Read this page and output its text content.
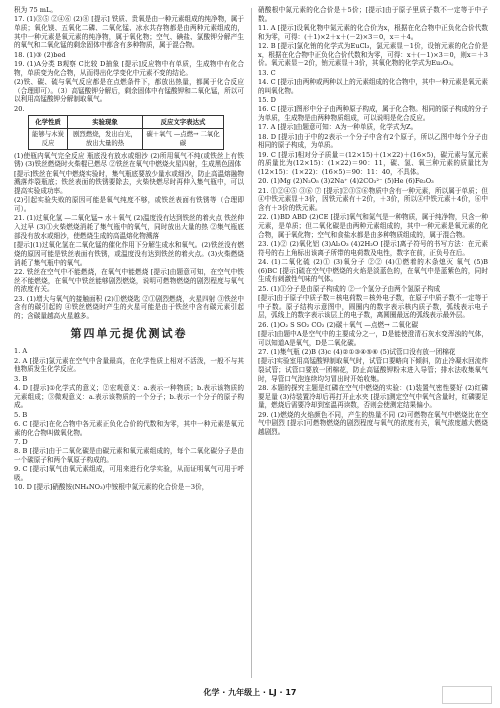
积为 75 mL。

17. (1)③⑤ ②④⑥ (2)⑧ [提示] 铁质、贵氧是由一种元素组成的纯净物，属于单质；氧化镁、五氧化二磷、二氧化锰、冰水共存物都是由两种元素组成的，其中一种元素是氧元素的纯净物，属于氧化物；空气、碘盐、氯酸钾分解产生的氧气和二氧化锰的剩余固体中都含有多种物质，属于混合物。

18. (1)③ (2)bed

19. (1)A分类 B观察 C比较 D抽象 [提示]反应物中有单质，生成物中有化合物，单质变为化合物，从而得出化学变化中元素不变的结论。

(2)铁、碳、硫与氧气反应都是在点燃条件下，都放出热量，都属于化合反应（合理即可）。（3）高锰酸钾分解后，剩余固体中有锰酸钾和二氧化锰，所以可以利用高锰酸钾分解制取氧气。

20.
化学性质	实验现象	反应文字表达式
能够与木炭反应	剧烈燃烧，发出白光，放出大量的热	碳＋氧气 —点燃→ 二氧化碳

(1)使瓶内氧气完全反应 瓶底没有放水或细沙 (2)所用氧气不纯(或铁丝上有铁锈) (3)铁丝燃烧时火柴棍已燃尽 ②铁丝在氧气中燃烧火星四射，生成黑色固体

[提示]铁丝在氧气中燃烧实验时，集气瓶底要放少量水或细沙，防止高温熔融物溅落炸裂瓶底；铁丝表面的铁锈要除去，火柴快燃尽时再伸入集气瓶中，可以提高实验成功率。

(2)引起实验失败的原因可能是氧气纯度不够，或铁丝表面有铁锈等（合理即可）。

21. (1)过氧化氢 —二氧化锰→ 水＋氧气 (2)温度没有达到铁丝的着火点 铁丝伸入过早 (3)①火柴燃烧消耗了集气瓶中的氧气，同时放出大量的热 ②集气瓶底部没有放水或细沙，使燃烧生成的高温熔化物溅落

[提示](1)过氧化氢在二氧化锰的催化作用下分解生成水和氧气。(2)铁丝没有燃烧的原因可能是铁丝表面有铁锈，或温度没有达到铁丝的着火点。(3)火柴燃烧消耗了集气瓶中的氧气。

22. 铁丝在空气中不能燃烧，在氧气中能燃烧 [提示]由题意可知，在空气中铁丝不能燃烧，在氧气中铁丝能够剧烈燃烧，说明可燃物燃烧的剧烈程度与氧气的浓度有关。

23. (1)增大与氧气的接触面积 (2)①燃烧匙 ②①剧烈燃烧，火星四射 ③铁丝中含有的碳引起的 ④铁丝燃烧时产生的火星可能是由于铁丝中含有碳元素引起的；含碳量越高火星越多。

第四单元提优测试卷

1. A

2. A [提示]氯元素在空气中含量最高，在化学性质上相对不活泼，一般不与其他物质发生化学反应。

3. B

4. D [提示]①化学式的意义；②宏观意义：a.表示一种物质；b.表示该物质的元素组成；③微观意义：a.表示该物质的一个分子；b.表示一个分子的原子构成。

5. B

6. C [提示]在化合物中各元素正负化合价的代数和为零，其中一种元素是氧元素的化合物叫做氧化物。

7. D

8. B [提示]由于二氧化碳是由碳元素和氧元素组成的，每个二氧化碳分子是由一个碳原子和两个氧原子构成的。

9. C [提示]氧气由氧元素组成，可用来进行化学实验，从而证明氧气可用于呼吸。

10. D [提示]硝酸铵(NH₄NO₃)中铵根中氮元素的化合价是－3价，

硝酸根中氮元素的化合价是＋5价；[提示]由于原子里质子数不一定等于中子数。

11. A [提示]设氧化物中氮元素的化合价为x，根据在化合物中正负化合价代数和为零，可得：(＋1)×2＋x＋(－2)×3＝0，x＝＋4。

12. B [提示]氯化铕的化学式为EuCl₃，氯元素显－1价，设铕元素的化合价是x，根据在化合物中正负化合价代数和为零，可得：x＋(－1)×3＝0，则x＝＋3价。氧元素显－2价，铕元素显＋3价，其氧化物的化学式为Eu₂O₃。

13. C

14. C [提示]由两种或两种以上的元素组成的化合物中，其中一种元素是氧元素的叫氧化物。

15. D

16. C [提示]图形中分子由两种原子构成，属于化合物。相同的原子构成的分子为单质，生成物是由两种物质组成，可以说明是化合反应。

17. A [提示]由题意可知：A为一种单质，化学式为Z。

18. D [提示]由于中的2表示一个分子中含有2个原子，所以乙图中每个分子由相同的原子构成，为单质。

19. C [提示]相对分子质量＝(12×15)＋(1×22)＋(16×5)，碳元素与氢元素的质量比为(12×15)：(1×22)＝90：11，碳、氢、氧三种元素的质量比为(12×15)：(1×22)：(16×5)＝90：11：40，不具体。

20. (1)Mg (2)N₂O₅ (3)2Na⁺ (4)2CO₃²⁻ (5)He (6)Fe₂O₃

21. ①②④⑤ ③⑥ ⑦ [提示]②③⑤⑥物质中含有一种元素，所以属于单质；但④中铁元素显＋3价，因铁元素有＋2价，＋3价，所以④中铁元素＋4价，⑥中含有＋3价的铁元素。

22. (1)BD ABD (2)CE [提示]氧气和氮气是一种物质，属于纯净物，只含一种元素，是单质；但二氧化碳是由两种元素组成的，其中一种元素是氧元素的化合物，属于氧化物；空气和食盐水都是由多种物质组成的，属于混合物。

23. (1)② (2)氧化铝 (3)Al₂O₃ (4)2H₂O [提示]离子符号的书写方法：在元素符号的右上角标出该离子所带的电荷数及电性，数字在前，正负号在后。

24. (1)二氧化硫 (2)① (3)氧分子 ②② (4)①燃着的木条熄灭 氧气 (5)B (6)BC [提示]硫在空气中燃烧的火焰是淡蓝色的，在氧气中是蓝紫色的，同时生成有刺激性气味的气体。

25. (1)①分子是由原子构成的 ②一个氢分子由两个氢原子构成

[提示]由于原子中质子数＝核电荷数＝核外电子数，在原子中质子数不一定等于中子数。原子结构示意图中，圆圈内的数字表示核内质子数，弧线表示电子层，弧线上的数字表示该层上的电子数，离圆圈最远的弧线表示最外层。

26. (1)O₂ S SO₂ CO₂ (2)碳＋氧气 —点燃→ 二氧化碳

[提示]由题中A是空气中的主要成分之一，D是能使澄清石灰水变浑浊的气体，可以知道A是氧气，D是二氧化碳。

27. (1)集气瓶 (2)B (3)c (4)②①③④⑤⑥ (5)试管口没有放一团棉花

[提示]实验室用高锰酸钾制取氧气时，试管口要略向下倾斜，防止冷凝水回流炸裂试管；试管口要放一团棉花，防止高锰酸钾粉末进入导管；排水法收集氧气时，导管口气泡连续均匀冒出时开始收集。

28. 本题的探究主题是红磷在空气中燃烧的实验：(1)装置气密性要好 (2)红磷要足量 (3)待装置冷却后再打开止水夹 [提示]测定空气中氧气含量时，红磷要足量，燃烧后需要冷却到室温再读数，否则会使测定结果偏小。

29. (1)燃烧的火焰颜色不同，产生的热量不同 (2)可燃物在氧气中燃烧比在空气中剧烈 [提示]可燃物燃烧的剧烈程度与氧气的浓度有关，氧气浓度越大燃烧越剧烈。

化学 · 九年级上 · LJ · 17
